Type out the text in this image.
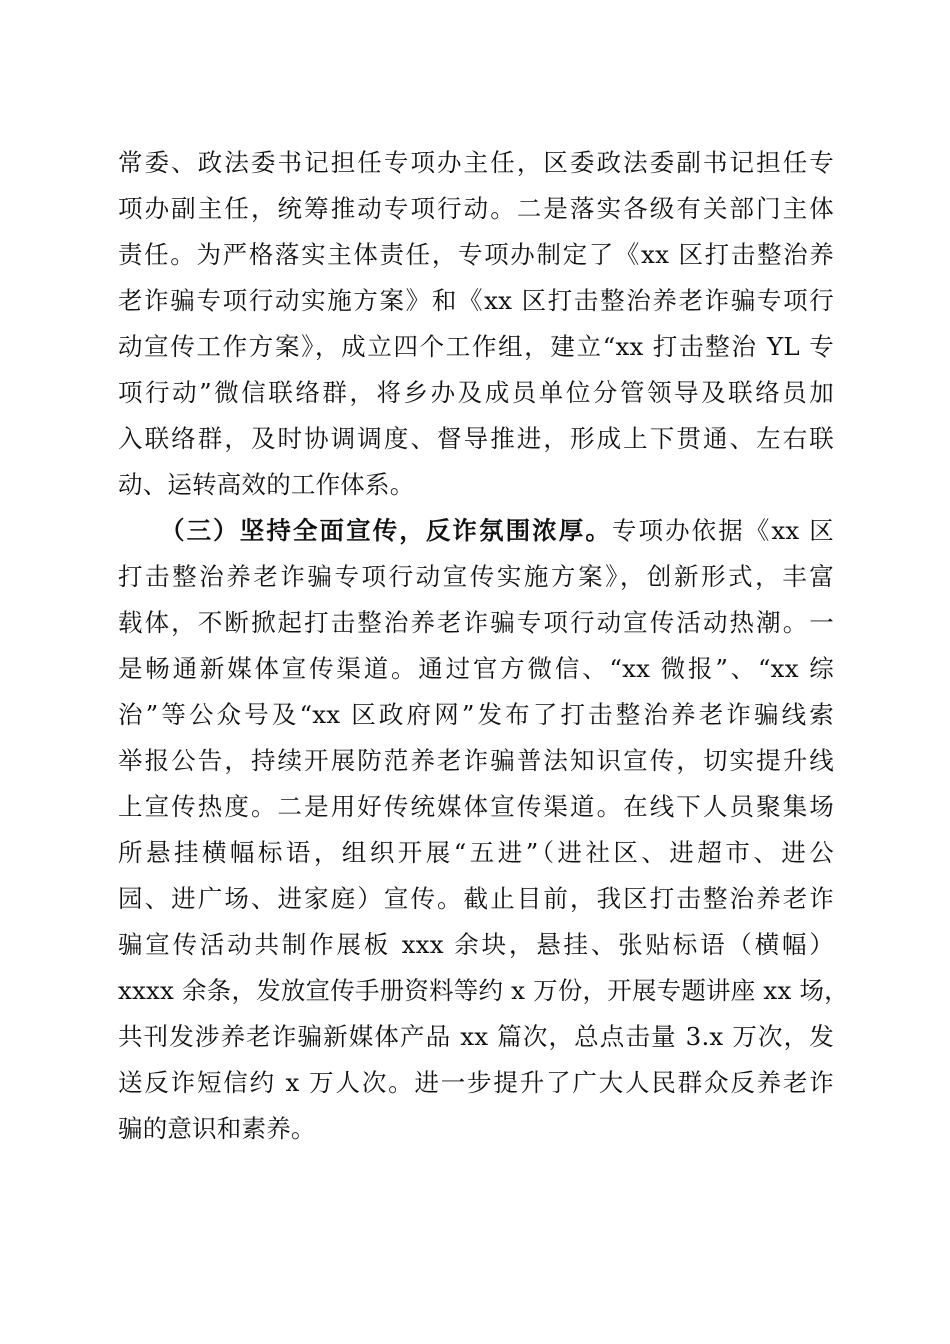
常委、政法委书记担任专项办主任，区委政法委副书记担任专
项办副主任，统筹推动专项行动。二是落实各级有关部门主体
责任。为严格落实主体责任，专项办制定了《xx 区打击整治养
老诈骗专项行动实施方案》和《xx 区打击整治养老诈骗专项行
动宣传工作方案》，成立四个工作组，建立“xx 打击整治 YL 专
项行动”微信联络群，将乡办及成员单位分管领导及联络员加
入联络群，及时协调调度、督导推进，形成上下贯通、左右联
动、运转高效的工作体系。
（三）坚持全面宣传，反诈氛围浓厚。专项办依据《xx 区
打击整治养老诈骗专项行动宣传实施方案》，创新形式，丰富
载体，不断掀起打击整治养老诈骗专项行动宣传活动热潮。一
是畅通新媒体宣传渠道。通过官方微信、“xx 微报”、“xx 综
治”等公众号及“xx 区政府网”发布了打击整治养老诈骗线索
举报公告，持续开展防范养老诈骗普法知识宣传，切实提升线
上宣传热度。二是用好传统媒体宣传渠道。在线下人员聚集场
所悬挂横幅标语，组织开展“五进”（进社区、进超市、进公
园、进广场、进家庭）宣传。截止目前，我区打击整治养老诈
骗宣传活动共制作展板 xxx 余块，悬挂、张贴标语（横幅）
xxxx 余条，发放宣传手册资料等约 x 万份，开展专题讲座 xx 场，
共刊发涉养老诈骗新媒体产品 xx 篇次，总点击量 3.x 万次，发
送反诈短信约 x 万人次。进一步提升了广大人民群众反养老诈
骗的意识和素养。
